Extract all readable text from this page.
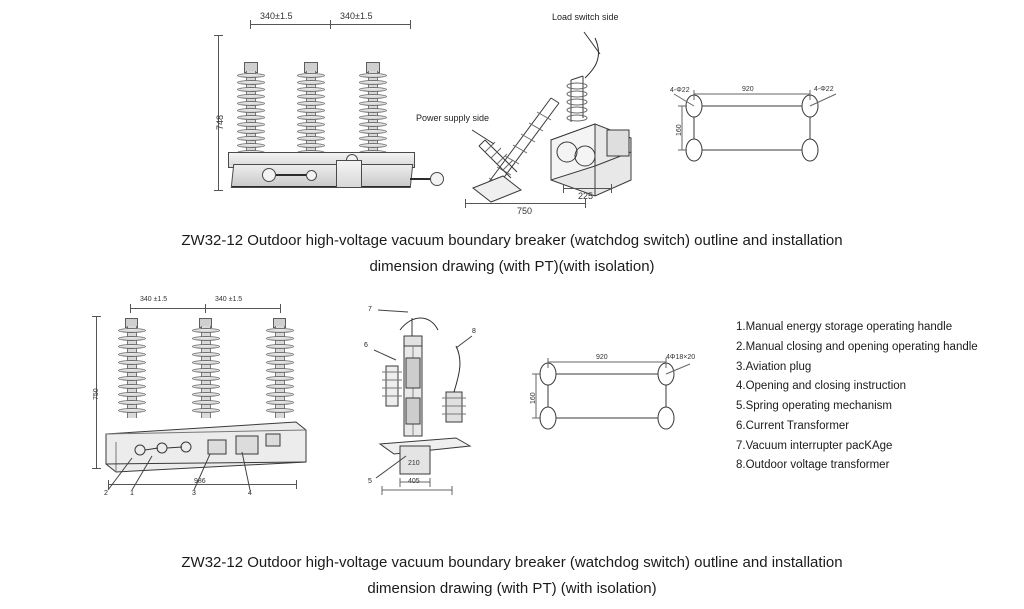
748
340±1.5	340±1.5	Load switch side
Power supply side
750
225
920
160
4-Φ22
4-Φ22
ZW32-12 Outdoor high-voltage vacuum boundary breaker (watchdog switch) outline and installation
dimension drawing (with PT)(with isolation)
340 ±1.5	340 ±1.5
750
986
2	1	3	4
7
6
8
5
210
405
920
160
4Φ18×20
1.Manual energy storage operating handle
2.Manual closing and opening operating handle
3.Aviation plug
4.Opening and closing instruction
5.Spring operating mechanism
6.Current Transformer
7.Vacuum interrupter pacKAge
8.Outdoor voltage transformer
ZW32-12 Outdoor high-voltage vacuum boundary breaker (watchdog switch) outline and installation
dimension drawing (with PT) (with isolation)
